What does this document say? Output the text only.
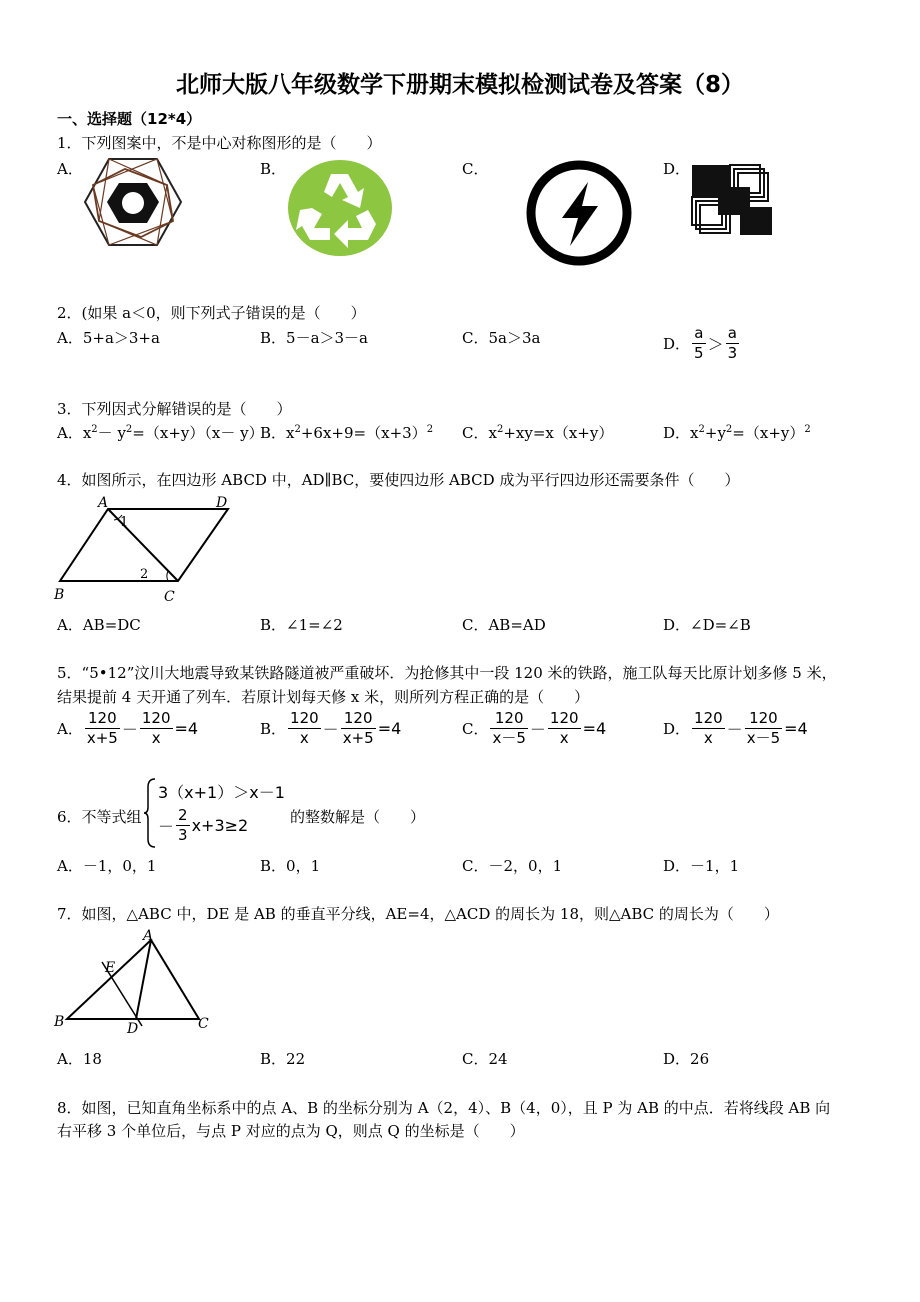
北师大版八年级数学下册期末模拟检测试卷及答案（8）
一、选择题（12*4）
1．下列图案中，不是中心对称图形的是（　　）
A．	B．	C．	D．
2．(如果 a＜0，则下列式子错误的是（　　）
A．5+a＞3+a	B．5－a＞3－a	C．5a＞3a	D． $\frac{a}{5} > \frac{a}{3}$
3．下列因式分解错误的是（　　）
A．$x^2- y^2=(x+y)(x- y)$
B．$x^2+6x+9=(x+3)^2$ C．$x^2+xy=x(x+y)$	D．$x^2+y^2=(x+y)^2$
4．如图所示，在四边形 ABCD 中，AD∥BC，要使四边形 ABCD 成为平行四边形还需要条件（　　）
A	D
B	C
1
2
A．AB=DC	B．∠1=∠2	C．AB=AD	D．∠D=∠B
5．“5•12”汶川大地震导致某铁路隧道被严重破坏．为抢修其中一段 120 米的铁路，施工队每天比原计划多修 5 米，
结果提前 4 天开通了列车．若原计划每天修 x 米，则所列方程正确的是（　　）
A． $\frac{120}{x+5} - \frac{120}{x} =4$	B． $\frac{120}{x} - \frac{120}{x+5} =4$	C． $\frac{120}{x-5} - \frac{120}{x} =4$	D． $\frac{120}{x} - \frac{120}{x-5} =4$
6．不等式组
3（x+1）＞x－1
－ $\frac{2}{3} x+3\ge 2$	的整数解是（　　）
A．－1，0，1	B．0，1	C．－2，0，1	D．－1，1
7．如图，△ABC 中，DE 是 AB 的垂直平分线，AE=4，△ACD 的周长为 18，则△ABC 的周长为（　　）
A
E
B	D	C
A．18	B．22	C．24	D．26
8．如图，已知直角坐标系中的点 A、B 的坐标分别为 A（2，4）、B（4，0），且 P 为 AB 的中点．若将线段 AB 向
右平移 3 个单位后，与点 P 对应的点为 Q，则点 Q 的坐标是（　　）
